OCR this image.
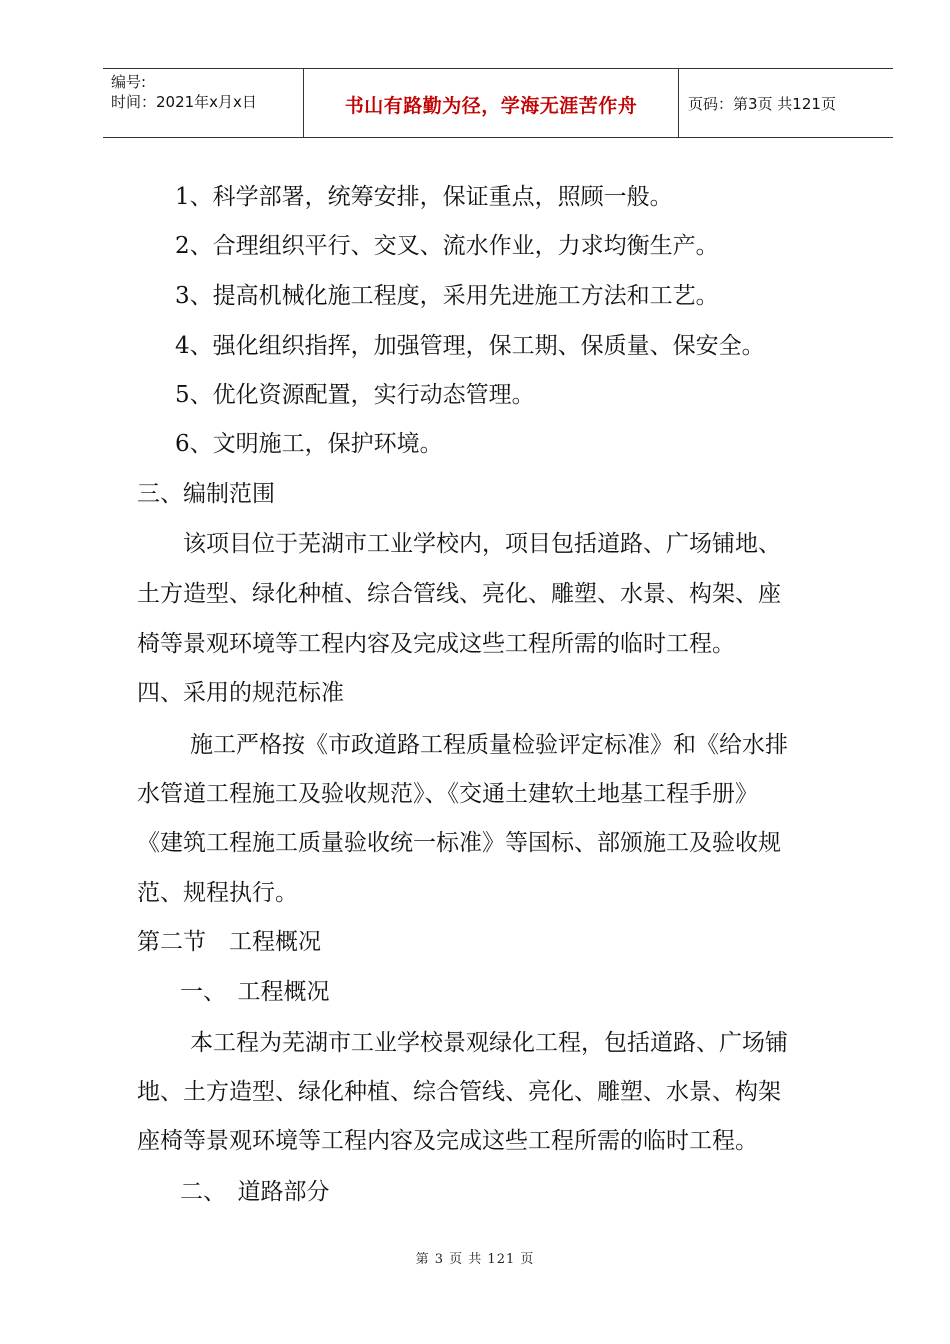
编号:
时间：2021年x月x日	书山有路勤为径，学海无涯苦作舟	页码：第3页 共121页
1、科学部署，统筹安排，保证重点，照顾一般。
2、合理组织平行、交叉、流水作业，力求均衡生产。
3、提高机械化施工程度，采用先进施工方法和工艺。
4、强化组织指挥，加强管理，保工期、保质量、保安全。
5、优化资源配置，实行动态管理。
6、文明施工，保护环境。
三、编制范围
该项目位于芜湖市工业学校内，项目包括道路、广场铺地、
土方造型、绿化种植、综合管线、亮化、雕塑、水景、构架、座
椅等景观环境等工程内容及完成这些工程所需的临时工程。
四、采用的规范标准
施工严格按《市政道路工程质量检验评定标准》和《给水排
水管道工程施工及验收规范》、《交通土建软土地基工程手册》
《建筑工程施工质量验收统一标准》等国标、部颁施工及验收规
范、规程执行。
第二节　工程概况
一、　工程概况
本工程为芜湖市工业学校景观绿化工程，包括道路、广场铺
地、土方造型、绿化种植、综合管线、亮化、雕塑、水景、构架
座椅等景观环境等工程内容及完成这些工程所需的临时工程。
二、　道路部分
第 3 页 共 121 页
